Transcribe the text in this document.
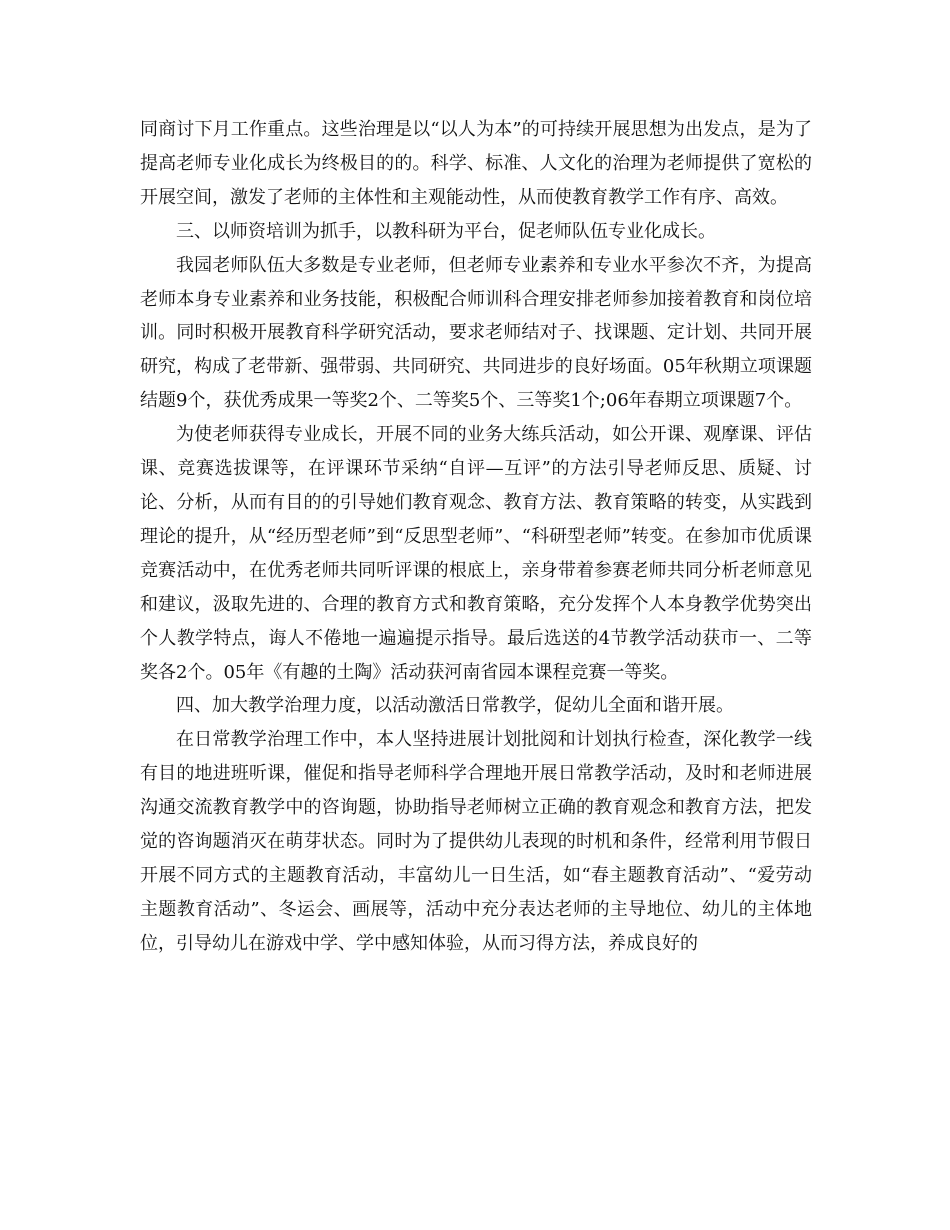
同商讨下月工作重点。这些治理是以“以人为本”的可持续开展思想为出发点，是为了提高老师专业化成长为终极目的的。科学、标准、人文化的治理为老师提供了宽松的开展空间，激发了老师的主体性和主观能动性，从而使教育教学工作有序、高效。

三、以师资培训为抓手，以教科研为平台，促老师队伍专业化成长。

我园老师队伍大多数是专业老师，但老师专业素养和专业水平参次不齐，为提高老师本身专业素养和业务技能，积极配合师训科合理安排老师参加接着教育和岗位培训。同时积极开展教育科学研究活动，要求老师结对子、找课题、定计划、共同开展研究，构成了老带新、强带弱、共同研究、共同进步的良好场面。05年秋期立项课题结题9个，获优秀成果一等奖2个、二等奖5个、三等奖1个;06年春期立项课题7个。

为使老师获得专业成长，开展不同的业务大练兵活动，如公开课、观摩课、评估课、竞赛选拔课等，在评课环节采纳“自评—互评”的方法引导老师反思、质疑、讨论、分析，从而有目的的引导她们教育观念、教育方法、教育策略的转变，从实践到理论的提升，从“经历型老师”到“反思型老师”、“科研型老师”转变。在参加市优质课竞赛活动中，在优秀老师共同听评课的根底上，亲身带着参赛老师共同分析老师意见和建议，汲取先进的、合理的教育方式和教育策略，充分发挥个人本身教学优势突出个人教学特点，诲人不倦地一遍遍提示指导。最后选送的4节教学活动获市一、二等奖各2个。05年《有趣的土陶》活动获河南省园本课程竞赛一等奖。

四、加大教学治理力度，以活动激活日常教学，促幼儿全面和谐开展。

在日常教学治理工作中，本人坚持进展计划批阅和计划执行检查，深化教学一线有目的地进班听课，催促和指导老师科学合理地开展日常教学活动，及时和老师进展沟通交流教育教学中的咨询题，协助指导老师树立正确的教育观念和教育方法，把发觉的咨询题消灭在萌芽状态。同时为了提供幼儿表现的时机和条件，经常利用节假日开展不同方式的主题教育活动，丰富幼儿一日生活，如“春主题教育活动”、“爱劳动主题教育活动”、冬运会、画展等，活动中充分表达老师的主导地位、幼儿的主体地位，引导幼儿在游戏中学、学中感知体验，从而习得方法，养成良好的
